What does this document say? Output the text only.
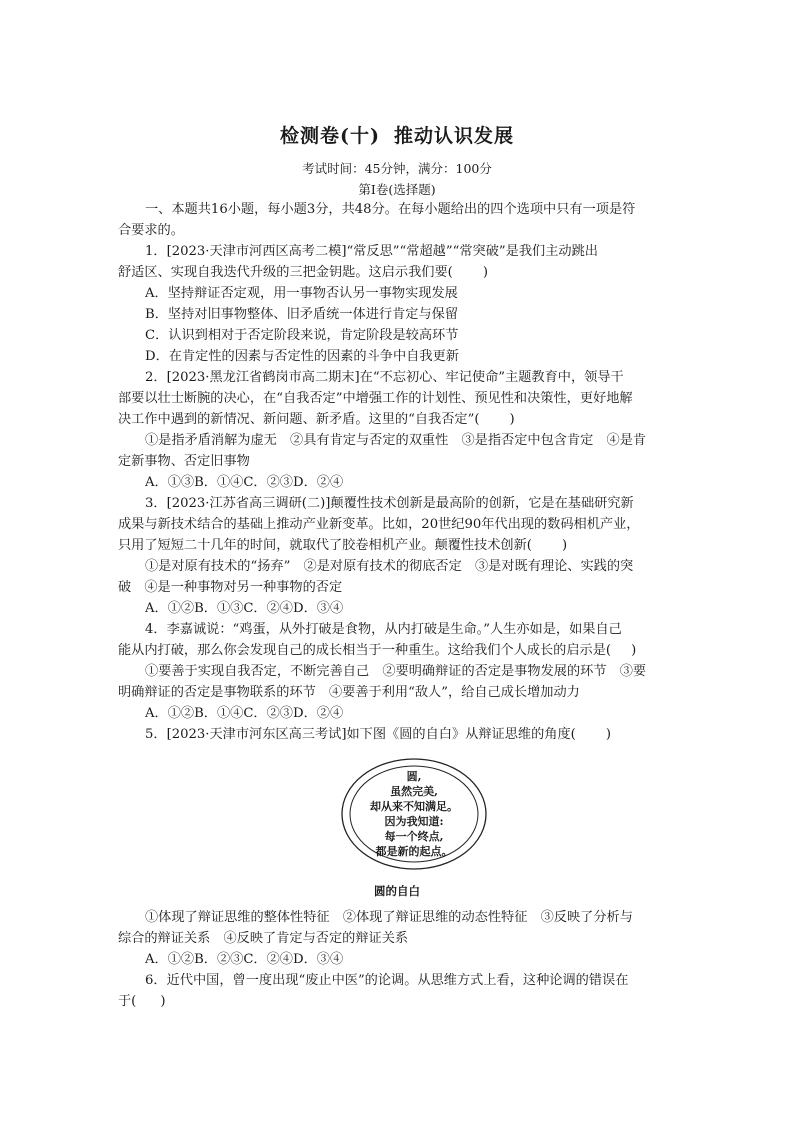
检测卷(十) 推动认识发展
考试时间：45分钟，满分：100分
第Ⅰ卷(选择题)
一、本题共16小题，每小题3分，共48分。在每小题给出的四个选项中只有一项是符
合要求的。
1．[2023·天津市河西区高考二模]“常反思”“常超越”“常突破”是我们主动跳出
舒适区、实现自我迭代升级的三把金钥匙。这启示我们要( )
A．坚持辩证否定观，用一事物否认另一事物实现发展
B．坚持对旧事物整体、旧矛盾统一体进行肯定与保留
C．认识到相对于否定阶段来说，肯定阶段是较高环节
D．在肯定性的因素与否定性的因素的斗争中自我更新
2．[2023·黑龙江省鹤岗市高二期末]在“不忘初心、牢记使命”主题教育中，领导干
部要以壮士断腕的决心，在“自我否定”中增强工作的计划性、预见性和决策性，更好地解
决工作中遇到的新情况、新问题、新矛盾。这里的“自我否定”( )
①是指矛盾消解为虚无　②具有肯定与否定的双重性　③是指否定中包含肯定　④是肯
定新事物、否定旧事物
A．①③B．①④C．②③D．②④
3．[2023·江苏省高三调研(二)]颠覆性技术创新是最高阶的创新，它是在基础研究新
成果与新技术结合的基础上推动产业新变革。比如，20世纪90年代出现的数码相机产业，
只用了短短二十几年的时间，就取代了胶卷相机产业。颠覆性技术创新( )
①是对原有技术的“扬弃”　②是对原有技术的彻底否定　③是对既有理论、实践的突
破　④是一种事物对另一种事物的否定
A．①②B．①③C．②④D．③④
4．李嘉诚说：“鸡蛋，从外打破是食物，从内打破是生命。”人生亦如是，如果自己
能从内打破，那么你会发现自己的成长相当于一种重生。这给我们个人成长的启示是( )
①要善于实现自我否定，不断完善自己　②要明确辩证的否定是事物发展的环节　③要
明确辩证的否定是事物联系的环节　④要善于利用“敌人”，给自己成长增加动力
A．①②B．①④C．②③D．②④
5．[2023·天津市河东区高三考试]如下图《圆的自白》从辩证思维的角度( )
圆,
虽然完美,
却从来不知满足。
因为我知道:
每一个终点,
都是新的起点。
圆的自白
①体现了辩证思维的整体性特征　②体现了辩证思维的动态性特征　③反映了分析与
综合的辩证关系　④反映了肯定与否定的辩证关系
A．①②B．②③C．②④D．③④
6．近代中国，曾一度出现“废止中医”的论调。从思维方式上看，这种论调的错误在
于( )
